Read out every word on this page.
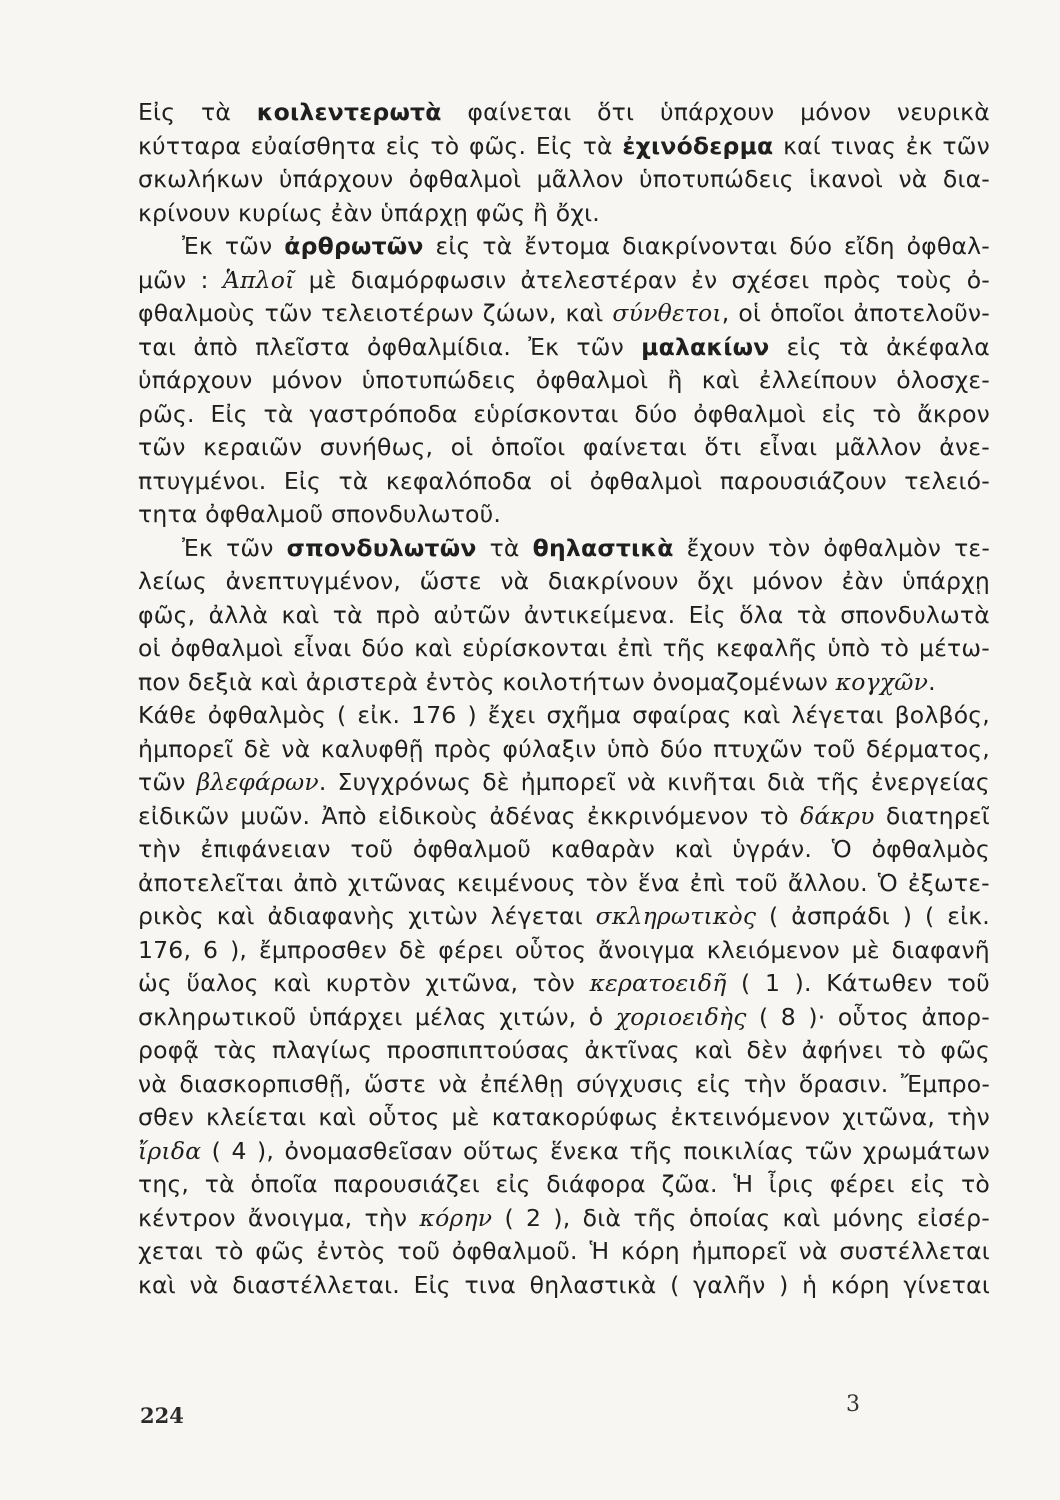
Εἰς τὰ κοιλεντερωτὰ φαίνεται ὅτι ὑπάρχουν μόνον νευρικὰ
κύτταρα εὐαίσθητα εἰς τὸ φῶς. Εἰς τὰ ἐχινόδερμα καί τινας ἐκ τῶν
σκωλήκων ὑπάρχουν ὀφθαλμοὶ μᾶλλον ὑποτυπώδεις ἱκανοὶ νὰ δια-
κρίνουν κυρίως ἐὰν ὑπάρχῃ φῶς ἢ ὄχι.
Ἐκ τῶν ἀρθρωτῶν εἰς τὰ ἔντομα διακρίνονται δύο εἴδη ὀφθαλ-
μῶν : Ἁπλοῖ μὲ διαμόρφωσιν ἀτελεστέραν ἐν σχέσει πρὸς τοὺς ὀ-
φθαλμοὺς τῶν τελειοτέρων ζώων, καὶ σύνθετοι, οἱ ὁποῖοι ἀποτελοῦν-
ται ἀπὸ πλεῖστα ὀφθαλμίδια. Ἐκ τῶν μαλακίων εἰς τὰ ἀκέφαλα
ὑπάρχουν μόνον ὑποτυπώδεις ὀφθαλμοὶ ἢ καὶ ἐλλείπουν ὁλοσχε-
ρῶς. Εἰς τὰ γαστρόποδα εὑρίσκονται δύο ὀφθαλμοὶ εἰς τὸ ἄκρον
τῶν κεραιῶν συνήθως, οἱ ὁποῖοι φαίνεται ὅτι εἶναι μᾶλλον ἀνε-
πτυγμένοι. Εἰς τὰ κεφαλόποδα οἱ ὀφθαλμοὶ παρουσιάζουν τελειό-
τητα ὀφθαλμοῦ σπονδυλωτοῦ.
Ἐκ τῶν σπονδυλωτῶν τὰ θηλαστικὰ ἔχουν τὸν ὀφθαλμὸν τε-
λείως ἀνεπτυγμένον, ὥστε νὰ διακρίνουν ὄχι μόνον ἐὰν ὑπάρχῃ
φῶς, ἀλλὰ καὶ τὰ πρὸ αὐτῶν ἀντικείμενα. Εἰς ὅλα τὰ σπονδυλωτὰ
οἱ ὀφθαλμοὶ εἶναι δύο καὶ εὑρίσκονται ἐπὶ τῆς κεφαλῆς ὑπὸ τὸ μέτω-
πον δεξιὰ καὶ ἀριστερὰ ἐντὸς κοιλοτήτων ὀνομαζομένων κογχῶν.
Κάθε ὀφθαλμὸς ( εἰκ. 176 ) ἔχει σχῆμα σφαίρας καὶ λέγεται βολβός,
ἠμπορεῖ δὲ νὰ καλυφθῇ πρὸς φύλαξιν ὑπὸ δύο πτυχῶν τοῦ δέρματος,
τῶν βλεφάρων. Συγχρόνως δὲ ἠμπορεῖ νὰ κινῆται διὰ τῆς ἐνεργείας
εἰδικῶν μυῶν. Ἀπὸ εἰδικοὺς ἀδένας ἐκκρινόμενον τὸ δάκρυ διατηρεῖ
τὴν ἐπιφάνειαν τοῦ ὀφθαλμοῦ καθαρὰν καὶ ὑγράν. Ὁ ὀφθαλμὸς
ἀποτελεῖται ἀπὸ χιτῶνας κειμένους τὸν ἕνα ἐπὶ τοῦ ἄλλου. Ὁ ἐξωτε-
ρικὸς καὶ ἀδιαφανὴς χιτὼν λέγεται σκληρωτικὸς ( ἀσπράδι ) ( εἰκ.
176, 6 ), ἔμπροσθεν δὲ φέρει οὗτος ἄνοιγμα κλειόμενον μὲ διαφανῆ
ὡς ὕαλος καὶ κυρτὸν χιτῶνα, τὸν κερατοειδῆ ( 1 ). Κάτωθεν τοῦ
σκληρωτικοῦ ὑπάρχει μέλας χιτών, ὁ χοριοειδὴς ( 8 )· οὗτος ἀπορ-
ροφᾷ τὰς πλαγίως προσπιπτούσας ἀκτῖνας καὶ δὲν ἀφήνει τὸ φῶς
νὰ διασκορπισθῇ, ὥστε νὰ ἐπέλθῃ σύγχυσις εἰς τὴν ὅρασιν. Ἔμπρο-
σθεν κλείεται καὶ οὗτος μὲ κατακορύφως ἐκτεινόμενον χιτῶνα, τὴν
ἴριδα ( 4 ), ὀνομασθεῖσαν οὕτως ἕνεκα τῆς ποικιλίας τῶν χρωμάτων
της, τὰ ὁποῖα παρουσιάζει εἰς διάφορα ζῶα. Ἡ ἶρις φέρει εἰς τὸ
κέντρον ἄνοιγμα, τὴν κόρην ( 2 ), διὰ τῆς ὁποίας καὶ μόνης εἰσέρ-
χεται τὸ φῶς ἐντὸς τοῦ ὀφθαλμοῦ. Ἡ κόρη ἠμπορεῖ νὰ συστέλλεται
καὶ νὰ διαστέλλεται. Εἰς τινα θηλαστικὰ ( γαλῆν ) ἡ κόρη γίνεται
224	3
